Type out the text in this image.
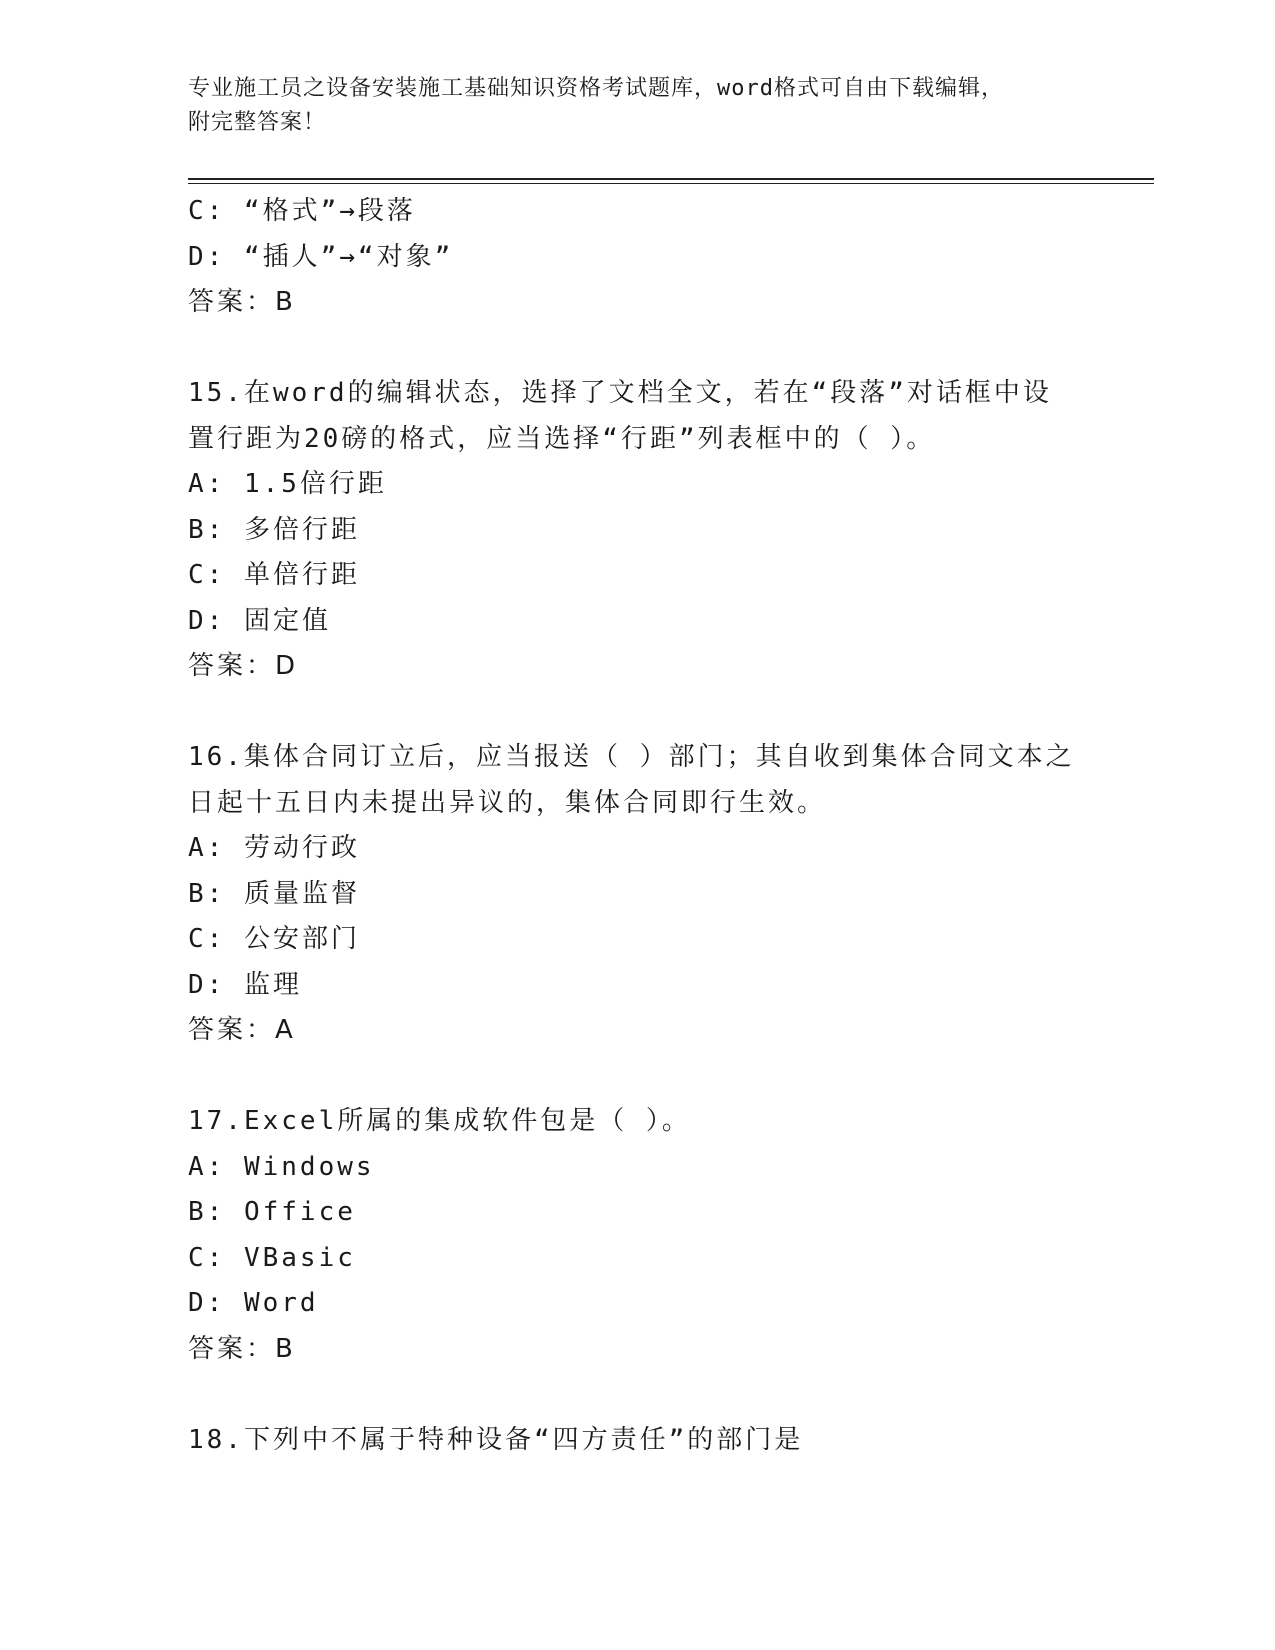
专业施工员之设备安装施工基础知识资格考试题库，word格式可自由下载编辑，
附完整答案！
C: “格式”→段落
D: “插人”→“对象”
答案：B
15.在word的编辑状态，选择了文档全文，若在“段落”对话框中设
置行距为20磅的格式，应当选择“行距”列表框中的（ ）。
A: 1.5倍行距
B: 多倍行距
C: 单倍行距
D: 固定值
答案：D
16.集体合同订立后，应当报送（ ）部门；其自收到集体合同文本之
日起十五日内未提出异议的，集体合同即行生效。
A: 劳动行政
B: 质量监督
C: 公安部门
D: 监理
答案：A
17.Excel所属的集成软件包是（ ）。
A: Windows
B: Office
C: VBasic
D: Word
答案：B
18.下列中不属于特种设备“四方责任”的部门是
